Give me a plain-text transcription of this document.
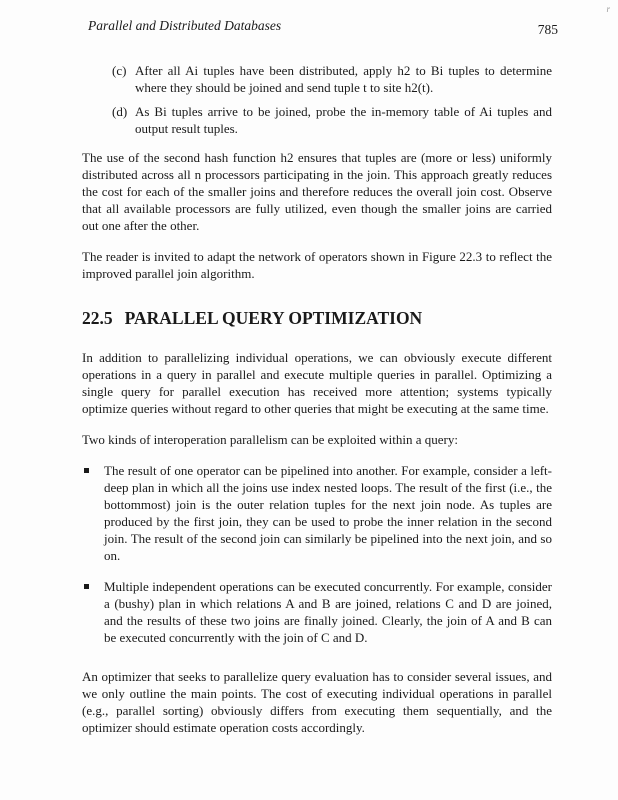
r
Parallel and Distributed Databases	785
(c) After all Ai tuples have been distributed, apply h2 to Bi tuples to determine where they should be joined and send tuple t to site h2(t).
(d) As Bi tuples arrive to be joined, probe the in-memory table of Ai tuples and output result tuples.

The use of the second hash function h2 ensures that tuples are (more or less) uniformly distributed across all n processors participating in the join. This approach greatly reduces the cost for each of the smaller joins and therefore reduces the overall join cost. Observe that all available processors are fully utilized, even though the smaller joins are carried out one after the other.

The reader is invited to adapt the network of operators shown in Figure 22.3 to reflect the improved parallel join algorithm.

22.5 PARALLEL QUERY OPTIMIZATION

In addition to parallelizing individual operations, we can obviously execute different operations in a query in parallel and execute multiple queries in parallel. Optimizing a single query for parallel execution has received more attention; systems typically optimize queries without regard to other queries that might be executing at the same time.

Two kinds of interoperation parallelism can be exploited within a query:

The result of one operator can be pipelined into another. For example, consider a left-deep plan in which all the joins use index nested loops. The result of the first (i.e., the bottommost) join is the outer relation tuples for the next join node. As tuples are produced by the first join, they can be used to probe the inner relation in the second join. The result of the second join can similarly be pipelined into the next join, and so on.
Multiple independent operations can be executed concurrently. For example, consider a (bushy) plan in which relations A and B are joined, relations C and D are joined, and the results of these two joins are finally joined. Clearly, the join of A and B can be executed concurrently with the join of C and D.

An optimizer that seeks to parallelize query evaluation has to consider several issues, and we only outline the main points. The cost of executing individual operations in parallel (e.g., parallel sorting) obviously differs from executing them sequentially, and the optimizer should estimate operation costs accordingly.
